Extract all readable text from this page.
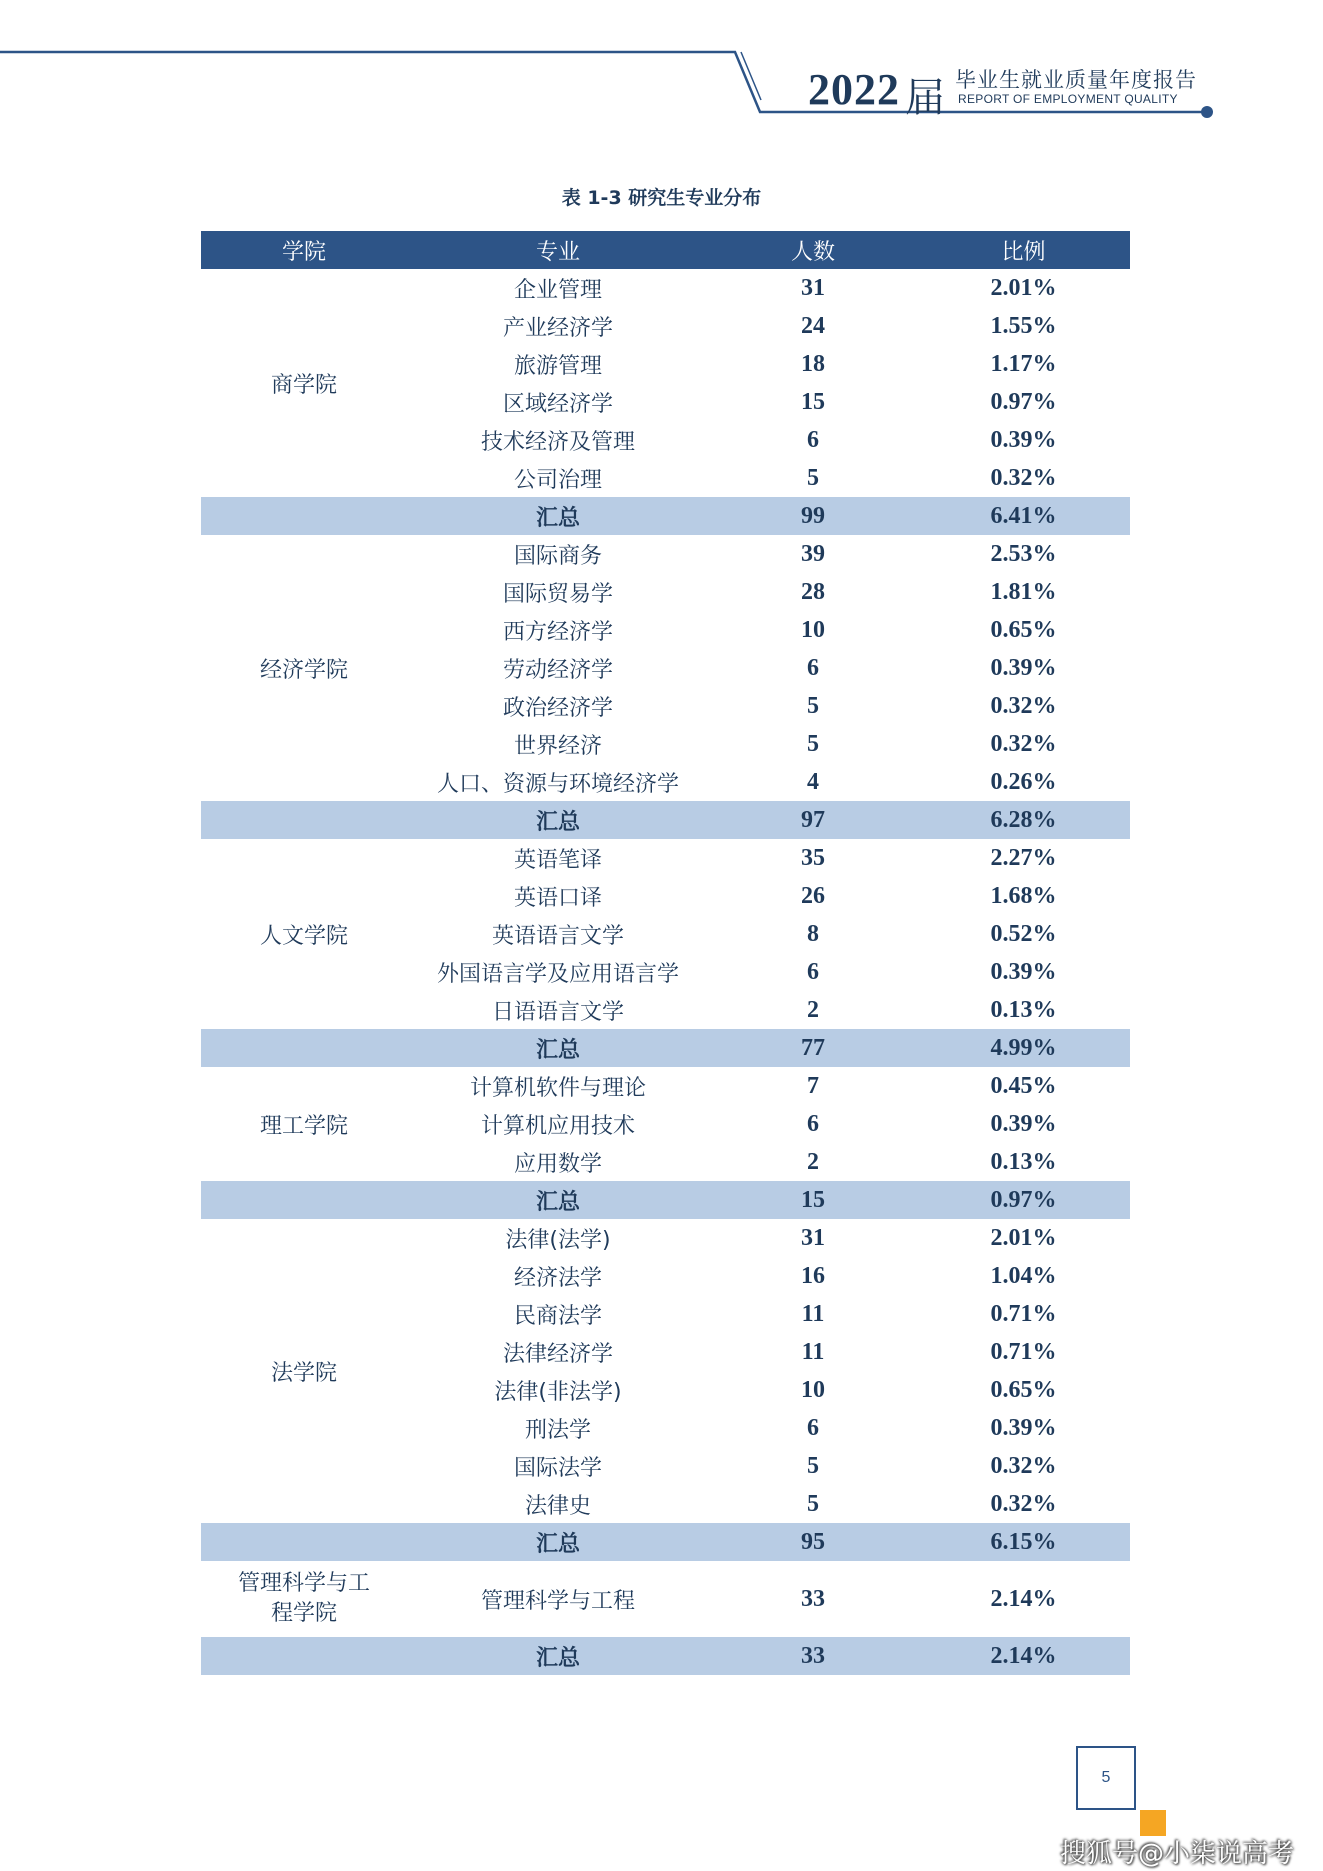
2022 届 毕业生就业质量年度报告
REPORT OF EMPLOYMENT QUALITY
表 1-3 研究生专业分布
学院	专业	人数	比例
商学院	企业管理	31	2.01%
	产业经济学	24	1.55%
	旅游管理	18	1.17%
	区域经济学	15	0.97%
	技术经济及管理	6	0.39%
	公司治理	5	0.32%
	汇总	99	6.41%
经济学院	国际商务	39	2.53%
	国际贸易学	28	1.81%
	西方经济学	10	0.65%
	劳动经济学	6	0.39%
	政治经济学	5	0.32%
	世界经济	5	0.32%
	人口、资源与环境经济学	4	0.26%
	汇总	97	6.28%
人文学院	英语笔译	35	2.27%
	英语口译	26	1.68%
	英语语言文学	8	0.52%
	外国语言学及应用语言学	6	0.39%
	日语语言文学	2	0.13%
	汇总	77	4.99%
理工学院	计算机软件与理论	7	0.45%
	计算机应用技术	6	0.39%
	应用数学	2	0.13%
	汇总	15	0.97%
法学院	法律(法学)	31	2.01%
	经济法学	16	1.04%
	民商法学	11	0.71%
	法律经济学	11	0.71%
	法律(非法学)	10	0.65%
	刑法学	6	0.39%
	国际法学	5	0.32%
	法律史	5	0.32%
	汇总	95	6.15%
管理科学与工程学院	管理科学与工程	33	2.14%
	汇总	33	2.14%
5
搜狐号@小柒说高考
